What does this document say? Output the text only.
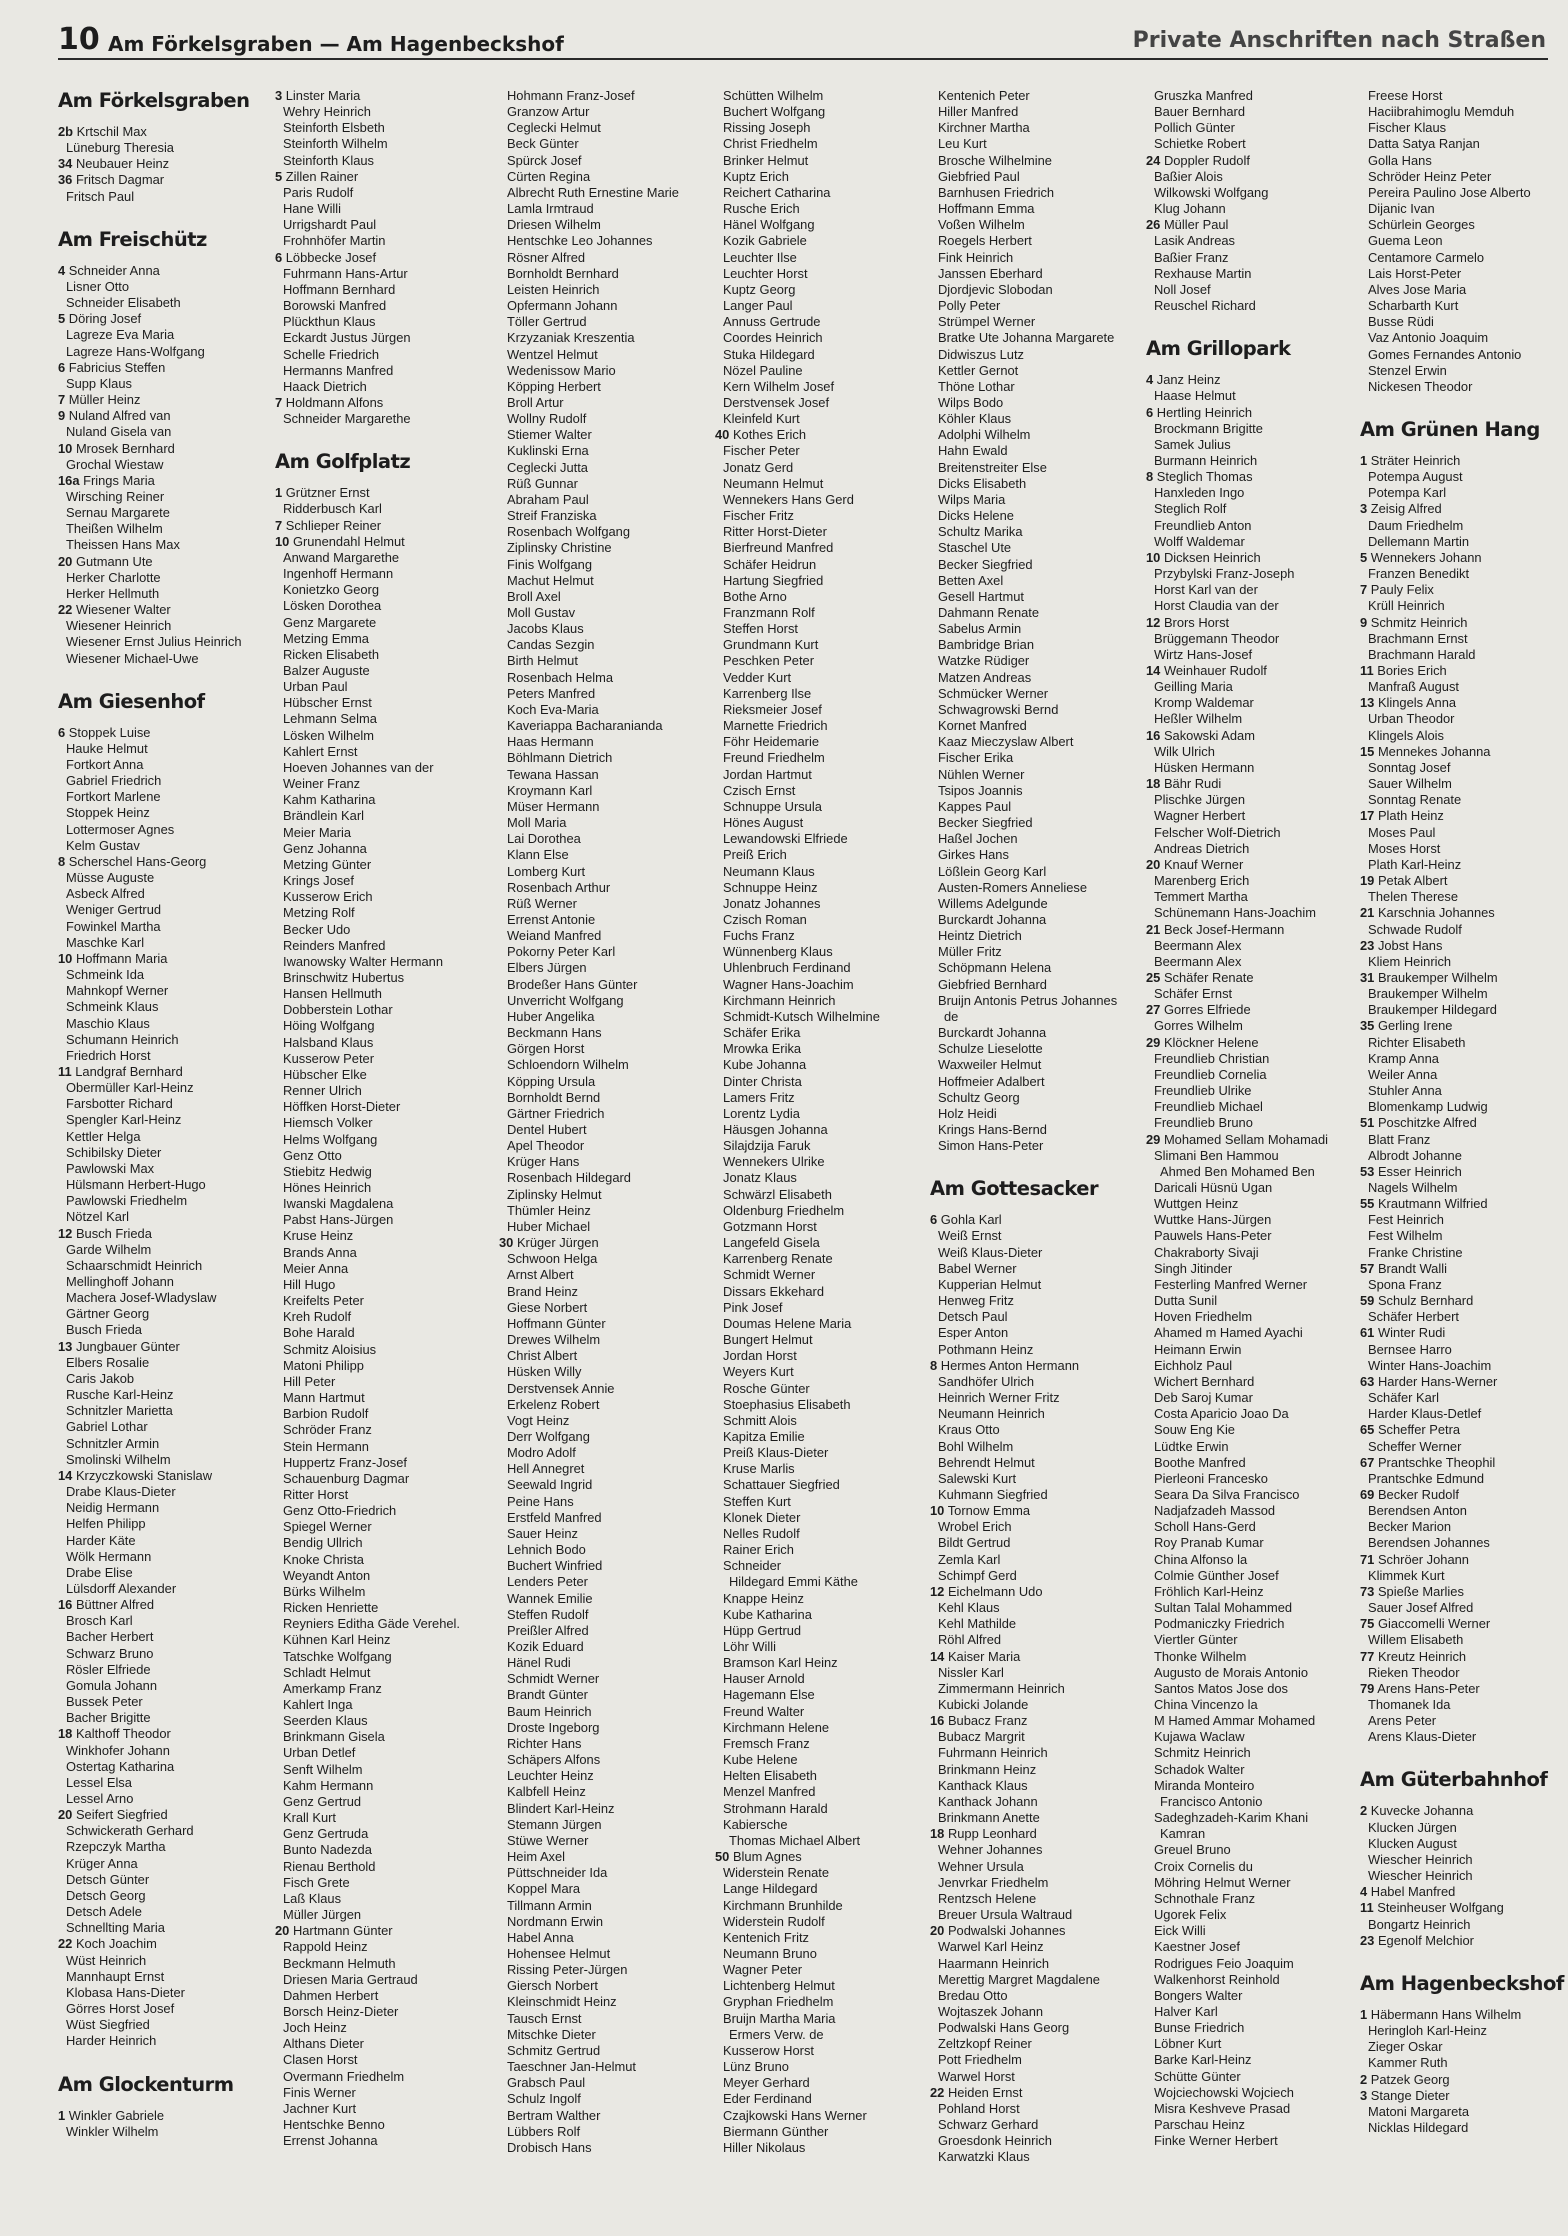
10 Am Förkelsgraben — Am Hagenbeckshof	Private Anschriften nach Straßen
Am Förkelsgraben
2b Krtschil Max
Lüneburg Theresia
34 Neubauer Heinz
36 Fritsch Dagmar
Fritsch Paul
Am Freischütz
4 Schneider Anna
Lisner Otto
Schneider Elisabeth
5 Döring Josef
Lagreze Eva Maria
Lagreze Hans-Wolfgang
6 Fabricius Steffen
Supp Klaus
7 Müller Heinz
9 Nuland Alfred van
Nuland Gisela van
10 Mrosek Bernhard
Grochal Wiestaw
16a Frings Maria
Wirsching Reiner
Sernau Margarete
Theißen Wilhelm
Theissen Hans Max
20 Gutmann Ute
Herker Charlotte
Herker Hellmuth
22 Wiesener Walter
Wiesener Heinrich
Wiesener Ernst Julius Heinrich
Wiesener Michael-Uwe
Am Giesenhof
6 Stoppek Luise
Hauke Helmut
Fortkort Anna
Gabriel Friedrich
Fortkort Marlene
Stoppek Heinz
Lottermoser Agnes
Kelm Gustav
8 Scherschel Hans-Georg
Müsse Auguste
Asbeck Alfred
Weniger Gertrud
Fowinkel Martha
Maschke Karl
10 Hoffmann Maria
Schmeink Ida
Mahnkopf Werner
Schmeink Klaus
Maschio Klaus
Schumann Heinrich
Friedrich Horst
11 Landgraf Bernhard
Obermüller Karl-Heinz
Farsbotter Richard
Spengler Karl-Heinz
Kettler Helga
Schibilsky Dieter
Pawlowski Max
Hülsmann Herbert-Hugo
Pawlowski Friedhelm
Nötzel Karl
12 Busch Frieda
Garde Wilhelm
Schaarschmidt Heinrich
Mellinghoff Johann
Machera Josef-Wladyslaw
Gärtner Georg
Busch Frieda
13 Jungbauer Günter
Elbers Rosalie
Caris Jakob
Rusche Karl-Heinz
Schnitzler Marietta
Gabriel Lothar
Schnitzler Armin
Smolinski Wilhelm
14 Krzyczkowski Stanislaw
Drabe Klaus-Dieter
Neidig Hermann
Helfen Philipp
Harder Käte
Wölk Hermann
Drabe Elise
Lülsdorff Alexander
16 Büttner Alfred
Brosch Karl
Bacher Herbert
Schwarz Bruno
Rösler Elfriede
Gomula Johann
Bussek Peter
Bacher Brigitte
18 Kalthoff Theodor
Winkhofer Johann
Ostertag Katharina
Lessel Elsa
Lessel Arno
20 Seifert Siegfried
Schwickerath Gerhard
Rzepczyk Martha
Krüger Anna
Detsch Günter
Detsch Georg
Detsch Adele
Schnellting Maria
22 Koch Joachim
Wüst Heinrich
Mannhaupt Ernst
Klobasa Hans-Dieter
Görres Horst Josef
Wüst Siegfried
Harder Heinrich
Am Glockenturm
1 Winkler Gabriele
Winkler Wilhelm
3 Linster Maria
Wehry Heinrich
Steinforth Elsbeth
Steinforth Wilhelm
Steinforth Klaus
5 Zillen Rainer
Paris Rudolf
Hane Willi
Urrigshardt Paul
Frohnhöfer Martin
6 Löbbecke Josef
Fuhrmann Hans-Artur
Hoffmann Bernhard
Borowski Manfred
Plückthun Klaus
Eckardt Justus Jürgen
Schelle Friedrich
Hermanns Manfred
Haack Dietrich
7 Holdmann Alfons
Schneider Margarethe
Am Golfplatz
1 Grützner Ernst
Ridderbusch Karl
7 Schlieper Reiner
10 Grunendahl Helmut
Anwand Margarethe
Ingenhoff Hermann
Konietzko Georg
Lösken Dorothea
Genz Margarete
Metzing Emma
Ricken Elisabeth
Balzer Auguste
Urban Paul
Hübscher Ernst
Lehmann Selma
Lösken Wilhelm
Kahlert Ernst
Hoeven Johannes van der
Weiner Franz
Kahm Katharina
Brändlein Karl
Meier Maria
Genz Johanna
Metzing Günter
Krings Josef
Kusserow Erich
Metzing Rolf
Becker Udo
Reinders Manfred
Iwanowsky Walter Hermann
Brinschwitz Hubertus
Hansen Hellmuth
Dobberstein Lothar
Höing Wolfgang
Halsband Klaus
Kusserow Peter
Hübscher Elke
Renner Ulrich
Höffken Horst-Dieter
Hiemsch Volker
Helms Wolfgang
Genz Otto
Stiebitz Hedwig
Hönes Heinrich
Iwanski Magdalena
Pabst Hans-Jürgen
Kruse Heinz
Brands Anna
Meier Anna
Hill Hugo
Kreifelts Peter
Kreh Rudolf
Bohe Harald
Schmitz Aloisius
Matoni Philipp
Hill Peter
Mann Hartmut
Barbion Rudolf
Schröder Franz
Stein Hermann
Huppertz Franz-Josef
Schauenburg Dagmar
Ritter Horst
Genz Otto-Friedrich
Spiegel Werner
Bendig Ullrich
Knoke Christa
Weyandt Anton
Bürks Wilhelm
Ricken Henriette
Reyniers Editha Gäde Verehel.
Kühnen Karl Heinz
Tatschke Wolfgang
Schladt Helmut
Amerkamp Franz
Kahlert Inga
Seerden Klaus
Brinkmann Gisela
Urban Detlef
Senft Wilhelm
Kahm Hermann
Genz Gertrud
Krall Kurt
Genz Gertruda
Bunto Nadezda
Rienau Berthold
Fisch Grete
Laß Klaus
Müller Jürgen
20 Hartmann Günter
Rappold Heinz
Beckmann Helmuth
Driesen Maria Gertraud
Dahmen Herbert
Borsch Heinz-Dieter
Joch Heinz
Althans Dieter
Clasen Horst
Overmann Friedhelm
Finis Werner
Jachner Kurt
Hentschke Benno
Errenst Johanna
Hohmann Franz-Josef
Granzow Artur
Ceglecki Helmut
Beck Günter
Spürck Josef
Cürten Regina
Albrecht Ruth Ernestine Marie
Lamla Irmtraud
Driesen Wilhelm
Hentschke Leo Johannes
Rösner Alfred
Bornholdt Bernhard
Leisten Heinrich
Opfermann Johann
Töller Gertrud
Krzyzaniak Kreszentia
Wentzel Helmut
Wedenissow Mario
Köpping Herbert
Broll Artur
Wollny Rudolf
Stiemer Walter
Kuklinski Erna
Ceglecki Jutta
Rüß Gunnar
Abraham Paul
Streif Franziska
Rosenbach Wolfgang
Ziplinsky Christine
Finis Wolfgang
Machut Helmut
Broll Axel
Moll Gustav
Jacobs Klaus
Candas Sezgin
Birth Helmut
Rosenbach Helma
Peters Manfred
Koch Eva-Maria
Kaveriappa Bacharaniandа
Haas Hermann
Böhlmann Dietrich
Tewana Hassan
Kroymann Karl
Müser Hermann
Moll Maria
Lai Dorothea
Klann Else
Lomberg Kurt
Rosenbach Arthur
Rüß Werner
Errenst Antonie
Weiand Manfred
Pokorny Peter Karl
Elbers Jürgen
Brodeßer Hans Günter
Unverricht Wolfgang
Huber Angelika
Beckmann Hans
Görgen Horst
Schloendorn Wilhelm
Köpping Ursula
Bornholdt Bernd
Gärtner Friedrich
Dentel Hubert
Apel Theodor
Krüger Hans
Rosenbach Hildegard
Ziplinsky Helmut
Thümler Heinz
Huber Michael
30 Krüger Jürgen
Schwoon Helga
Arnst Albert
Brand Heinz
Giese Norbert
Hoffmann Günter
Drewes Wilhelm
Christ Albert
Hüsken Willy
Derstvensek Annie
Erkelenz Robert
Vogt Heinz
Derr Wolfgang
Modro Adolf
Hell Annegret
Seewald Ingrid
Peine Hans
Erstfeld Manfred
Sauer Heinz
Lehnich Bodo
Buchert Winfried
Lenders Peter
Wannek Emilie
Steffen Rudolf
Preißler Alfred
Kozik Eduard
Hänel Rudi
Schmidt Werner
Brandt Günter
Baum Heinrich
Droste Ingeborg
Richter Hans
Schäpers Alfons
Leuchter Heinz
Kalbfell Heinz
Blindert Karl-Heinz
Stemann Jürgen
Stüwe Werner
Heim Axel
Püttschneider Ida
Koppel Mara
Tillmann Armin
Nordmann Erwin
Habel Anna
Hohensee Helmut
Rissing Peter-Jürgen
Giersch Norbert
Kleinschmidt Heinz
Tausch Ernst
Mitschke Dieter
Schmitz Gertrud
Taeschner Jan-Helmut
Grabsch Paul
Schulz Ingolf
Bertram Walther
Lübbers Rolf
Drobisch Hans
Schütten Wilhelm
Buchert Wolfgang
Rissing Joseph
Christ Friedhelm
Brinker Helmut
Kuptz Erich
Reichert Catharina
Rusche Erich
Hänel Wolfgang
Kozik Gabriele
Leuchter Ilse
Leuchter Horst
Kuptz Georg
Langer Paul
Annuss Gertrude
Coordes Heinrich
Stuka Hildegard
Nözel Pauline
Kern Wilhelm Josef
Derstvensek Josef
Kleinfeld Kurt
40 Kothes Erich
Fischer Peter
Jonatz Gerd
Neumann Helmut
Wennekers Hans Gerd
Fischer Fritz
Ritter Horst-Dieter
Bierfreund Manfred
Schäfer Heidrun
Hartung Siegfried
Bothe Arno
Franzmann Rolf
Steffen Horst
Grundmann Kurt
Peschken Peter
Vedder Kurt
Karrenberg Ilse
Rieksmeier Josef
Marnette Friedrich
Föhr Heidemarie
Freund Friedhelm
Jordan Hartmut
Czisch Ernst
Schnuppe Ursula
Hönes August
Lewandowski Elfriede
Preiß Erich
Neumann Klaus
Schnuppe Heinz
Jonatz Johannes
Czisch Roman
Fuchs Franz
Wünnenberg Klaus
Uhlenbruch Ferdinand
Wagner Hans-Joachim
Kirchmann Heinrich
Schmidt-Kutsch Wilhelmine
Schäfer Erika
Mrowka Erika
Kube Johanna
Dinter Christa
Lamers Fritz
Lorentz Lydia
Häusgen Johanna
Silajdzija Faruk
Wennekers Ulrike
Jonatz Klaus
Schwärzl Elisabeth
Oldenburg Friedhelm
Gotzmann Horst
Langefeld Gisela
Karrenberg Renate
Schmidt Werner
Dissars Ekkehard
Pink Josef
Doumas Helene Maria
Bungert Helmut
Jordan Horst
Weyers Kurt
Rosche Günter
Stoephasius Elisabeth
Schmitt Alois
Kapitza Emilie
Preiß Klaus-Dieter
Kruse Marlis
Schattauer Siegfried
Steffen Kurt
Klonek Dieter
Nelles Rudolf
Rainer Erich
Schneider
Hildegard Emmi Käthe
Knappe Heinz
Kube Katharina
Hüpp Gertrud
Löhr Willi
Bramson Karl Heinz
Hauser Arnold
Hagemann Else
Freund Walter
Kirchmann Helene
Fremsch Franz
Kube Helene
Helten Elisabeth
Menzel Manfred
Strohmann Harald
Kabiersche
Thomas Michael Albert
50 Blum Agnes
Widerstein Renate
Lange Hildegard
Kirchmann Brunhilde
Widerstein Rudolf
Kentenich Fritz
Neumann Bruno
Wagner Peter
Lichtenberg Helmut
Gryphan Friedhelm
Bruijn Martha Maria
Ermers Verw. de
Kusserow Horst
Lünz Bruno
Meyer Gerhard
Eder Ferdinand
Czajkowski Hans Werner
Biermann Günther
Hiller Nikolaus
Kentenich Peter
Hiller Manfred
Kirchner Martha
Leu Kurt
Brosche Wilhelmine
Giebfried Paul
Barnhusen Friedrich
Hoffmann Emma
Voßen Wilhelm
Roegels Herbert
Fink Heinrich
Janssen Eberhard
Djordjevic Slobodan
Polly Peter
Strümpel Werner
Bratke Ute Johanna Margarete
Didwiszus Lutz
Kettler Gernot
Thöne Lothar
Wilps Bodo
Köhler Klaus
Adolphi Wilhelm
Hahn Ewald
Breitenstreiter Else
Dicks Elisabeth
Wilps Maria
Dicks Helene
Schultz Marika
Staschel Ute
Becker Siegfried
Betten Axel
Gesell Hartmut
Dahmann Renate
Sabelus Armin
Bambridge Brian
Watzke Rüdiger
Matzen Andreas
Schmücker Werner
Schwagrowski Bernd
Kornet Manfred
Kaaz Mieczyslaw Albert
Fischer Erika
Nühlen Werner
Tsipos Joannis
Kappes Paul
Becker Siegfried
Haßel Jochen
Girkes Hans
Lößlein Georg Karl
Austen-Romers Anneliese
Willems Adelgunde
Burckardt Johanna
Heintz Dietrich
Müller Fritz
Schöpmann Helena
Giebfried Bernhard
Bruijn Antonis Petrus Johannes
de
Burckardt Johanna
Schulze Lieselotte
Waxweiler Helmut
Hoffmeier Adalbert
Schultz Georg
Holz Heidi
Krings Hans-Bernd
Simon Hans-Peter
Am Gottesacker
6 Gohla Karl
Weiß Ernst
Weiß Klaus-Dieter
Babel Werner
Kupperian Helmut
Henweg Fritz
Detsch Paul
Esper Anton
Pothmann Heinz
8 Hermes Anton Hermann
Sandhöfer Ulrich
Heinrich Werner Fritz
Neumann Heinrich
Kraus Otto
Bohl Wilhelm
Behrendt Helmut
Salewski Kurt
Kuhmann Siegfried
10 Tornow Emma
Wrobel Erich
Bildt Gertrud
Zemla Karl
Schimpf Gerd
12 Eichelmann Udo
Kehl Klaus
Kehl Mathilde
Röhl Alfred
14 Kaiser Maria
Nissler Karl
Zimmermann Heinrich
Kubicki Jolande
16 Bubacz Franz
Bubacz Margrit
Fuhrmann Heinrich
Brinkmann Heinz
Kanthack Klaus
Kanthack Johann
Brinkmann Anette
18 Rupp Leonhard
Wehner Johannes
Wehner Ursula
Jenvrkar Friedhelm
Rentzsch Helene
Breuer Ursula Waltraud
20 Podwalski Johannes
Warwel Karl Heinz
Haarmann Heinrich
Merettig Margret Magdalene
Bredau Otto
Wojtaszek Johann
Podwalski Hans Georg
Zeltzkopf Reiner
Pott Friedhelm
Warwel Horst
22 Heiden Ernst
Pohland Horst
Schwarz Gerhard
Groesdonk Heinrich
Karwatzki Klaus
Gruszka Manfred
Bauer Bernhard
Pollich Günter
Schietke Robert
24 Doppler Rudolf
Baßier Alois
Wilkowski Wolfgang
Klug Johann
26 Müller Paul
Lasik Andreas
Baßier Franz
Rexhause Martin
Noll Josef
Reuschel Richard
Am Grillopark
4 Janz Heinz
Haase Helmut
6 Hertling Heinrich
Brockmann Brigitte
Samek Julius
Burmann Heinrich
8 Steglich Thomas
Hanxleden Ingo
Steglich Rolf
Freundlieb Anton
Wolff Waldemar
10 Dicksen Heinrich
Przybylski Franz-Joseph
Horst Karl van der
Horst Claudia van der
12 Brors Horst
Brüggemann Theodor
Wirtz Hans-Josef
14 Weinhauer Rudolf
Geilling Maria
Kromp Waldemar
Heßler Wilhelm
16 Sakowski Adam
Wilk Ulrich
Hüsken Hermann
18 Bähr Rudi
Plischke Jürgen
Wagner Herbert
Felscher Wolf-Dietrich
Andreas Dietrich
20 Knauf Werner
Marenberg Erich
Temmert Martha
Schünemann Hans-Joachim
21 Beck Josef-Hermann
Beermann Alex
Beermann Alex
25 Schäfer Renate
Schäfer Ernst
27 Gorres Elfriede
Gorres Wilhelm
29 Klöckner Helene
Freundlieb Christian
Freundlieb Cornelia
Freundlieb Ulrike
Freundlieb Michael
Freundlieb Bruno
29 Mohamed Sellam Mohamadi
Slimani Ben Hammou
Ahmed Ben Mohamed Ben
Daricali Hüsnü Ugan
Wuttgen Heinz
Wuttke Hans-Jürgen
Pauwels Hans-Peter
Chakraborty Sivaji
Singh Jitinder
Festerling Manfred Werner
Dutta Sunil
Hoven Friedhelm
Ahamed m Hamed Ayachi
Heimann Erwin
Eichholz Paul
Wichert Bernhard
Deb Saroj Kumar
Costa Aparicio Joao Da
Souw Eng Kie
Lüdtke Erwin
Boothe Manfred
Pierleoni Francesko
Seara Da Silva Francisco
Nadjafzadeh Massod
Scholl Hans-Gerd
Roy Pranab Kumar
China Alfonso la
Colmie Günther Josef
Fröhlich Karl-Heinz
Sultan Talal Mohammed
Podmaniczky Friedrich
Viertler Günter
Thonke Wilhelm
Augusto de Morais Antonio
Santos Matos Jose dos
China Vincenzo la
M Hamed Ammar Mohamed
Kujawa Waclaw
Schmitz Heinrich
Schadok Walter
Miranda Monteiro
Francisco Antonio
Sadeghzadeh-Karim Khani
Kamran
Greuel Bruno
Croix Cornelis du
Möhring Helmut Werner
Schnothale Franz
Ugorek Felix
Eick Willi
Kaestner Josef
Rodrigues Feio Joaquim
Walkenhorst Reinhold
Bongers Walter
Halver Karl
Bunse Friedrich
Löbner Kurt
Barke Karl-Heinz
Schütte Günter
Wojciechowski Wojciech
Misra Keshveve Prasad
Parschau Heinz
Finke Werner Herbert
Freese Horst
Haciibrahimoglu Memduh
Fischer Klaus
Datta Satya Ranjan
Golla Hans
Schröder Heinz Peter
Pereira Paulino Jose Alberto
Dijanic Ivan
Schürlein Georges
Guema Leon
Centamore Carmelo
Lais Horst-Peter
Alves Jose Maria
Scharbarth Kurt
Busse Rüdi
Vaz Antonio Joaquim
Gomes Fernandes Antonio
Stenzel Erwin
Nickesen Theodor
Am Grünen Hang
1 Sträter Heinrich
Potempa August
Potempa Karl
3 Zeisig Alfred
Daum Friedhelm
Dellemann Martin
5 Wennekers Johann
Franzen Benedikt
7 Pauly Felix
Krüll Heinrich
9 Schmitz Heinrich
Brachmann Ernst
Brachmann Harald
11 Bories Erich
Manfraß August
13 Klingels Anna
Urban Theodor
Klingels Alois
15 Mennekes Johanna
Sonntag Josef
Sauer Wilhelm
Sonntag Renate
17 Plath Heinz
Moses Paul
Moses Horst
Plath Karl-Heinz
19 Petak Albert
Thelen Therese
21 Karschnia Johannes
Schwade Rudolf
23 Jobst Hans
Kliem Heinrich
31 Braukemper Wilhelm
Braukemper Wilhelm
Braukemper Hildegard
35 Gerling Irene
Richter Elisabeth
Kramp Anna
Weiler Anna
Stuhler Anna
Blomenkamp Ludwig
51 Poschitzke Alfred
Blatt Franz
Albrodt Johanne
53 Esser Heinrich
Nagels Wilhelm
55 Krautmann Wilfried
Fest Heinrich
Fest Wilhelm
Franke Christine
57 Brandt Walli
Spona Franz
59 Schulz Bernhard
Schäfer Herbert
61 Winter Rudi
Bernsee Harro
Winter Hans-Joachim
63 Harder Hans-Werner
Schäfer Karl
Harder Klaus-Detlef
65 Scheffer Petra
Scheffer Werner
67 Prantschke Theophil
Prantschke Edmund
69 Becker Rudolf
Berendsen Anton
Becker Marion
Berendsen Johannes
71 Schröer Johann
Klimmek Kurt
73 Spieße Marlies
Sauer Josef Alfred
75 Giaccomelli Werner
Willem Elisabeth
77 Kreutz Heinrich
Rieken Theodor
79 Arens Hans-Peter
Thomanek Ida
Arens Peter
Arens Klaus-Dieter
Am Güterbahnhof
2 Kuvecke Johanna
Klucken Jürgen
Klucken August
Wiescher Heinrich
Wiescher Heinrich
4 Habel Manfred
11 Steinheuser Wolfgang
Bongartz Heinrich
23 Egenolf Melchior
Am Hagenbeckshof
1 Häbermann Hans Wilhelm
Heringloh Karl-Heinz
Zieger Oskar
Kammer Ruth
2 Patzek Georg
3 Stange Dieter
Matoni Margareta
Nicklas Hildegard
